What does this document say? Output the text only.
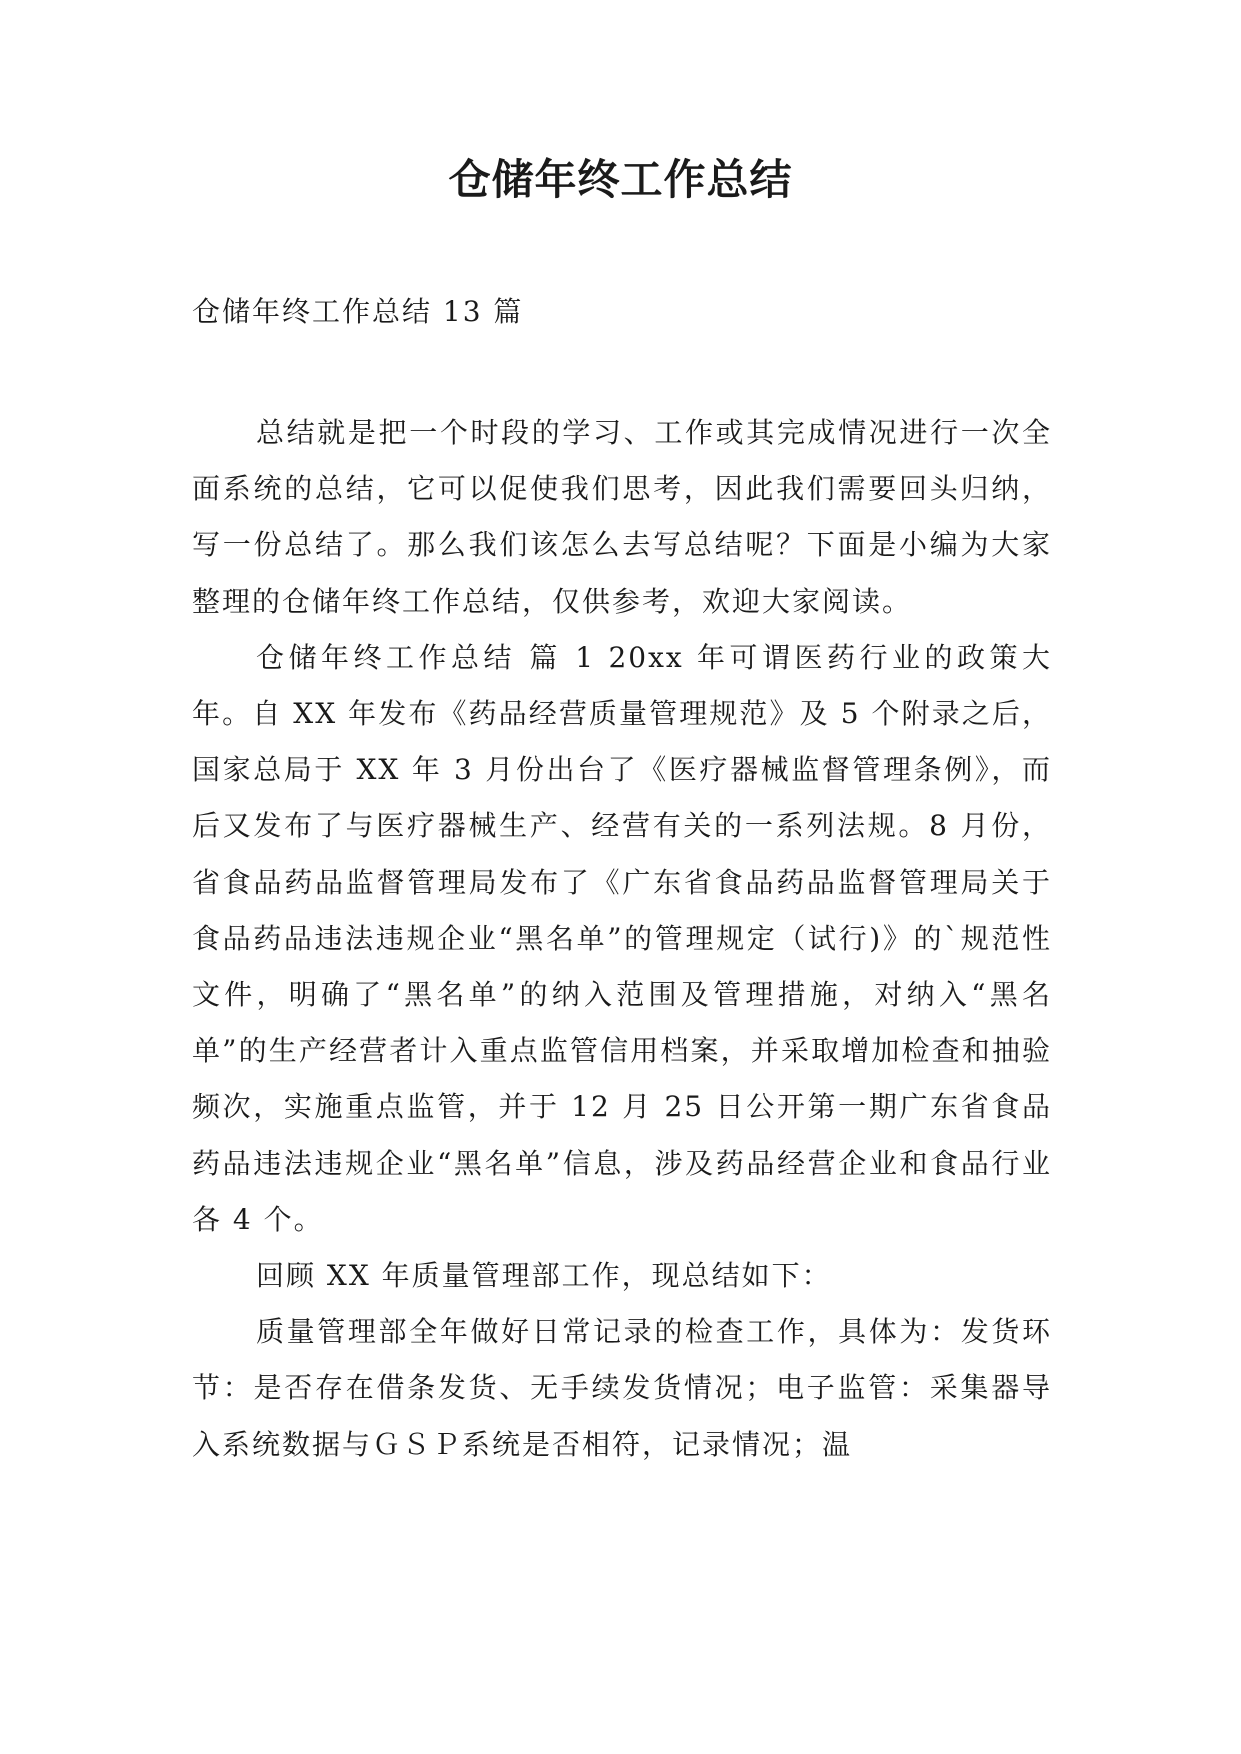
仓储年终工作总结

仓储年终工作总结 13 篇

总结就是把一个时段的学习、工作或其完成情况进行一次全面系统的总结，它可以促使我们思考，因此我们需要回头归纳，写一份总结了。那么我们该怎么去写总结呢？下面是小编为大家整理的仓储年终工作总结，仅供参考，欢迎大家阅读。

仓储年终工作总结 篇 1 20xx 年可谓医药行业的政策大年。自 XX 年发布《药品经营质量管理规范》及 5 个附录之后，国家总局于 XX 年 3 月份出台了《医疗器械监督管理条例》，而后又发布了与医疗器械生产、经营有关的一系列法规。8 月份，省食品药品监督管理局发布了《广东省食品药品监督管理局关于食品药品违法违规企业“黑名单”的管理规定（试行)》的`规范性文件，明确了“黑名单”的纳入范围及管理措施，对纳入“黑名单”的生产经营者计入重点监管信用档案，并采取增加检查和抽验频次，实施重点监管，并于 12 月 25 日公开第一期广东省食品药品违法违规企业“黑名单”信息，涉及药品经营企业和食品行业各 4 个。

回顾 XX 年质量管理部工作，现总结如下：

质量管理部全年做好日常记录的检查工作，具体为：发货环节：是否存在借条发货、无手续发货情况；电子监管：采集器导入系统数据与ＧＳＰ系统是否相符，记录情况；温
